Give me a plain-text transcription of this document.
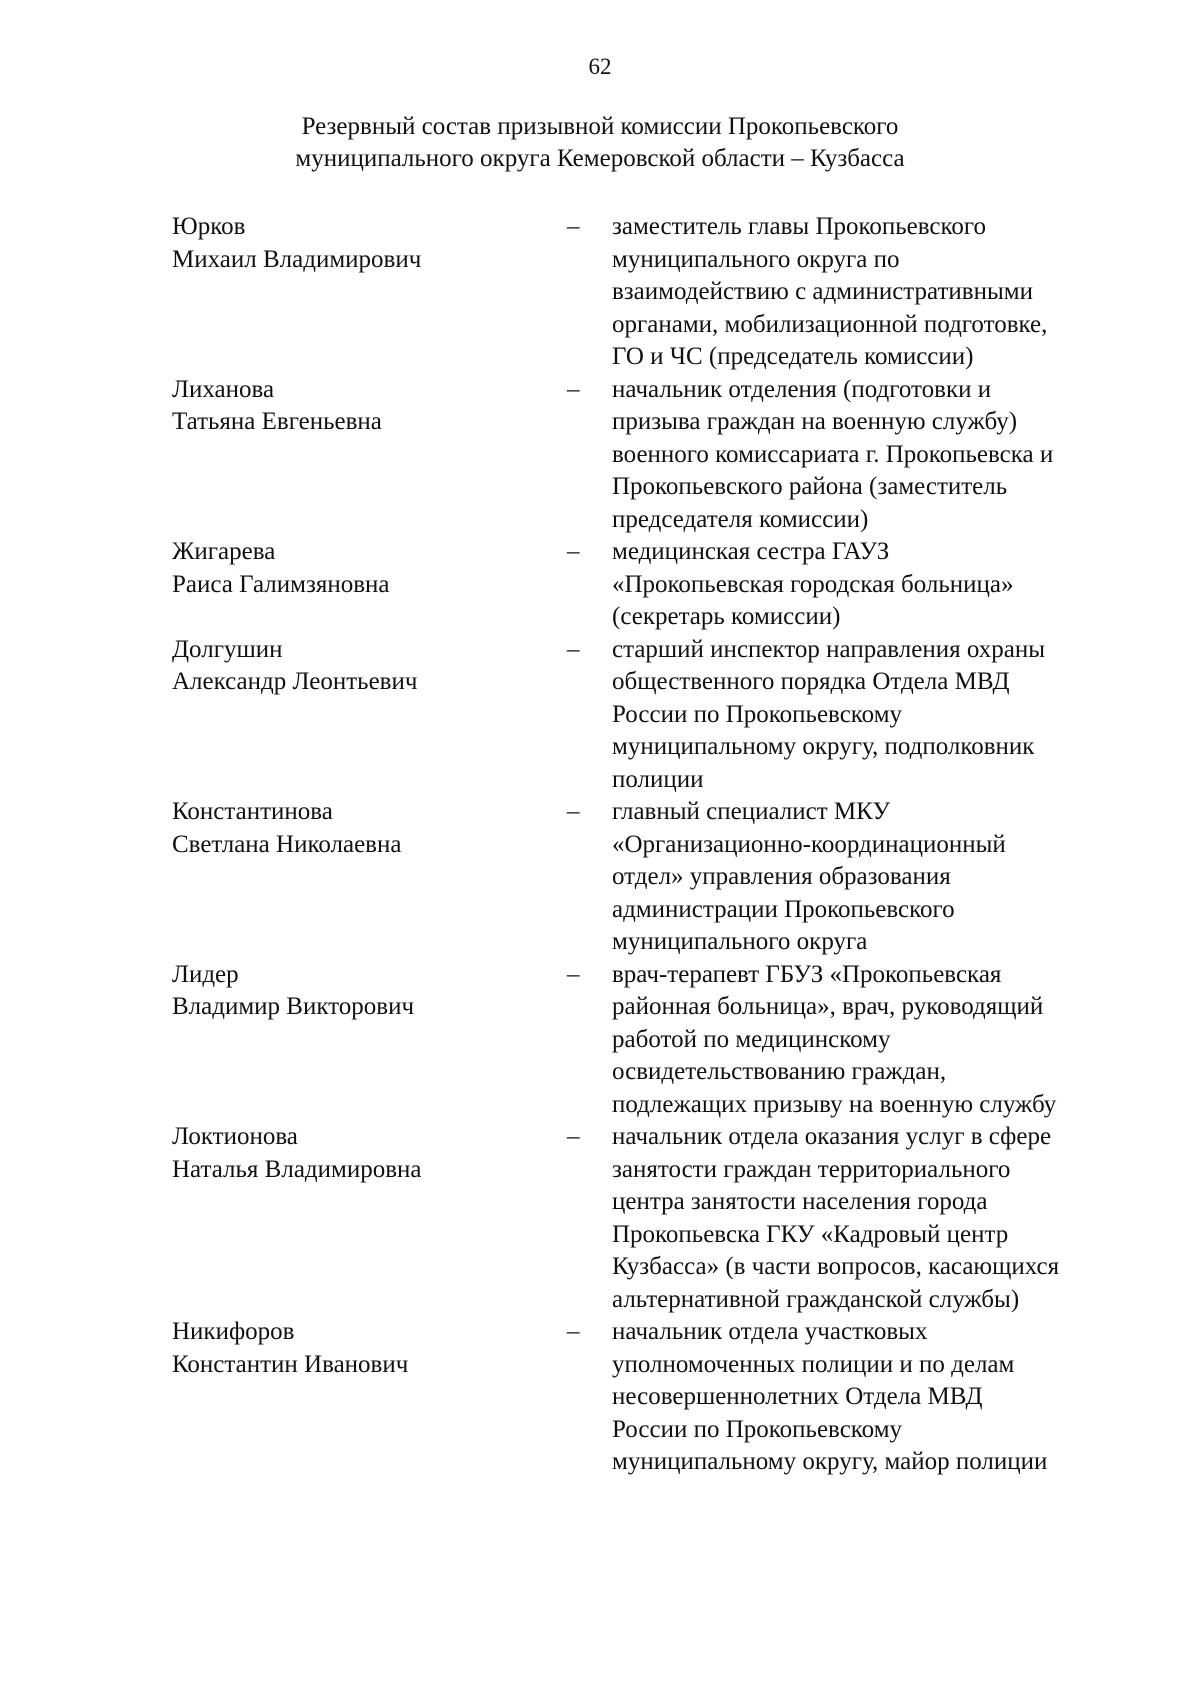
62
Резервный состав призывной комиссии Прокопьевского
муниципального округа Кемеровской области – Кузбасса
Юрков
Михаил Владимирович
–	заместитель главы Прокопьевского
муниципального округа по
взаимодействию с административными
органами, мобилизационной подготовке,
ГО и ЧС (председатель комиссии)
Лиханова
Татьяна Евгеньевна
–	начальник отделения (подготовки и
призыва граждан на военную службу)
военного комиссариата г. Прокопьевска и
Прокопьевского района (заместитель
председателя комиссии)
Жигарева
Раиса Галимзяновна
–	медицинская сестра ГАУЗ
«Прокопьевская городская больница»
(секретарь комиссии)
Долгушин
Александр Леонтьевич
–	старший инспектор направления охраны
общественного порядка Отдела МВД
России по Прокопьевскому
муниципальному округу, подполковник
полиции
Константинова
Светлана Николаевна
–	главный специалист МКУ
«Организационно-координационный
отдел» управления образования
администрации Прокопьевского
муниципального округа
Лидер
Владимир Викторович
–	врач-терапевт ГБУЗ «Прокопьевская
районная больница», врач, руководящий
работой по медицинскому
освидетельствованию граждан,
подлежащих призыву на военную службу
Локтионова
Наталья Владимировна
–	начальник отдела оказания услуг в сфере
занятости граждан территориального
центра занятости населения города
Прокопьевска ГКУ «Кадровый центр
Кузбасса» (в части вопросов, касающихся
альтернативной гражданской службы)
Никифоров
Константин Иванович
–	начальник отдела участковых
уполномоченных полиции и по делам
несовершеннолетних Отдела МВД
России по Прокопьевскому
муниципальному округу, майор полиции
